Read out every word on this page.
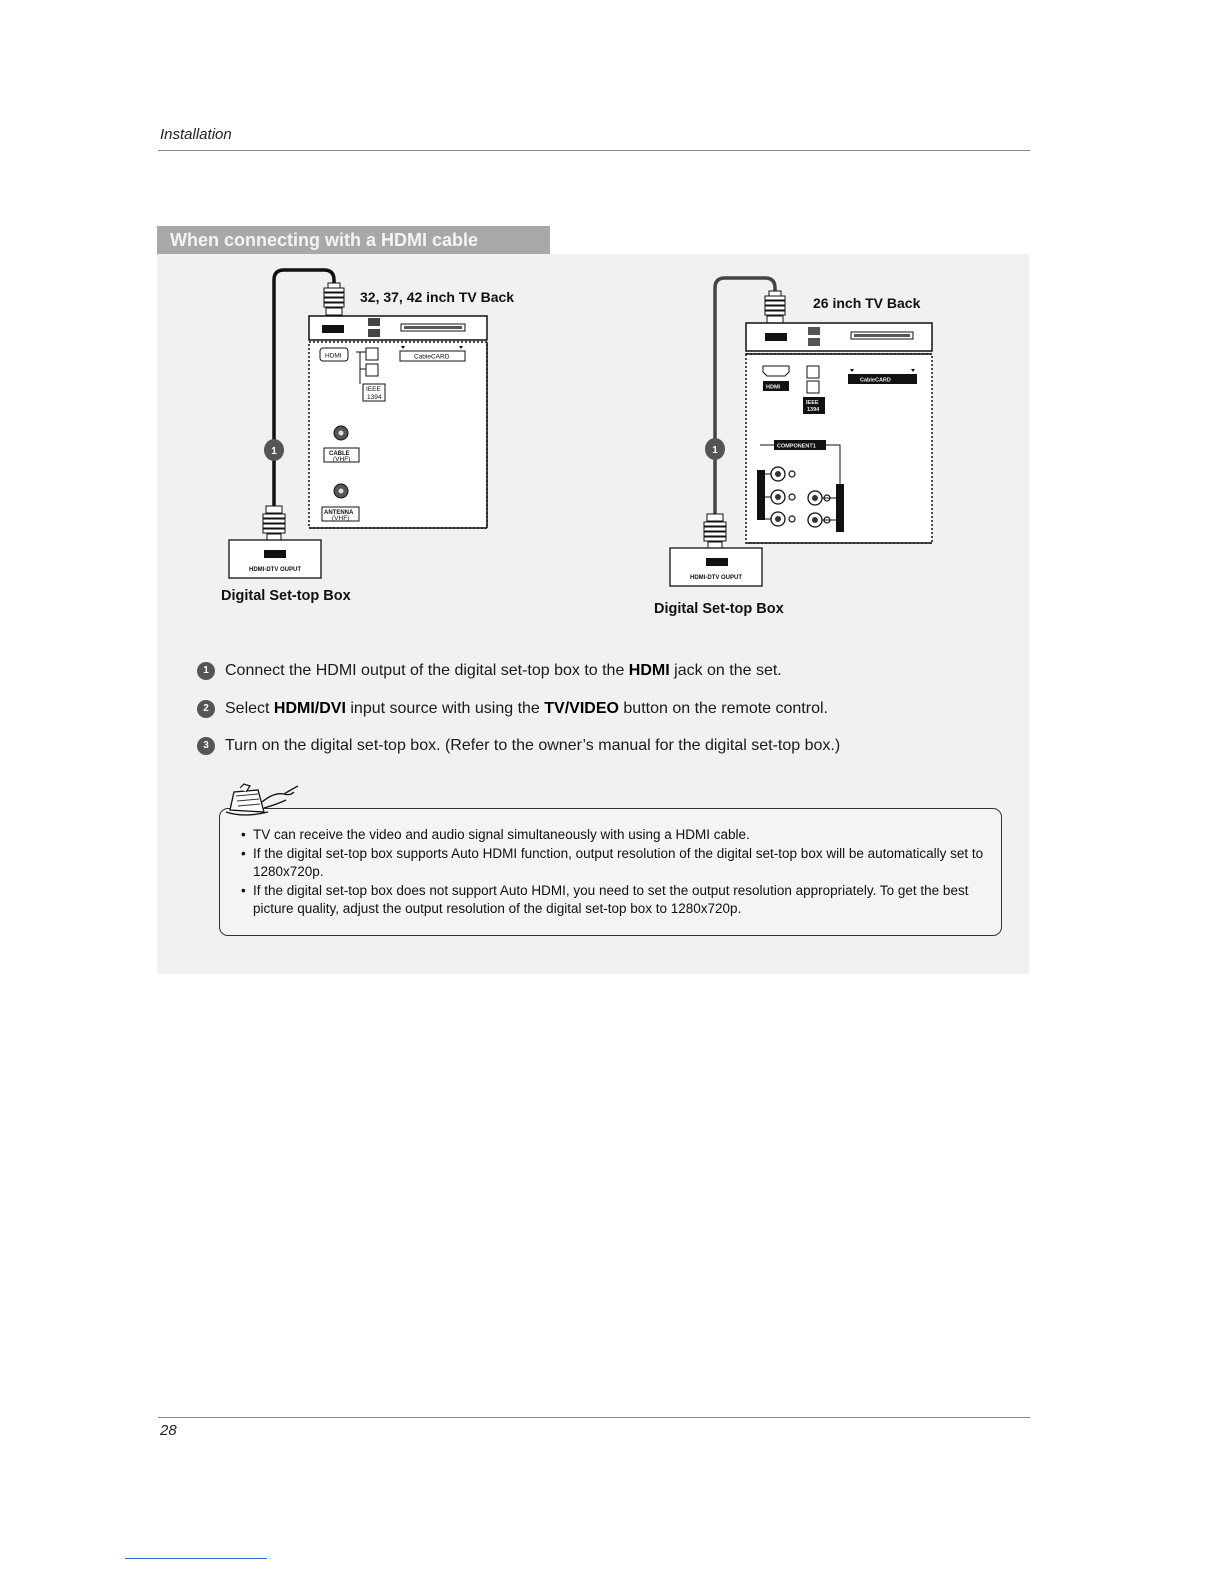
Installation
When connecting with a HDMI cable
32, 37, 42 inch TV Back
HDMI
IEEE
1394
CableCARD
CABLE
(VHF)
ANTENNA
(VHF)
1
HDMI-DTV OUPUT
Digital Set-top Box
26 inch TV Back
HDMI
IEEE
1394
CableCARD
COMPONENT1
1
HDMI-DTV OUPUT
Digital Set-top Box
1	Connect the HDMI output of the digital set-top box to the HDMI jack on the set.
2	Select HDMI/DVI input source with using the TV/VIDEO button on the remote control.
3	Turn on the digital set-top box. (Refer to the owner’s manual for the digital set-top box.)
• TV can receive the video and audio signal simultaneously with using a HDMI cable.
• If the digital set-top box supports Auto HDMI function, output resolution of the digital set-top box will be automatically set to 1280x720p.
• If the digital set-top box does not support Auto HDMI, you need to set the output resolution appropriately. To get the best picture quality, adjust the output resolution of the digital set-top box to 1280x720p.
28
